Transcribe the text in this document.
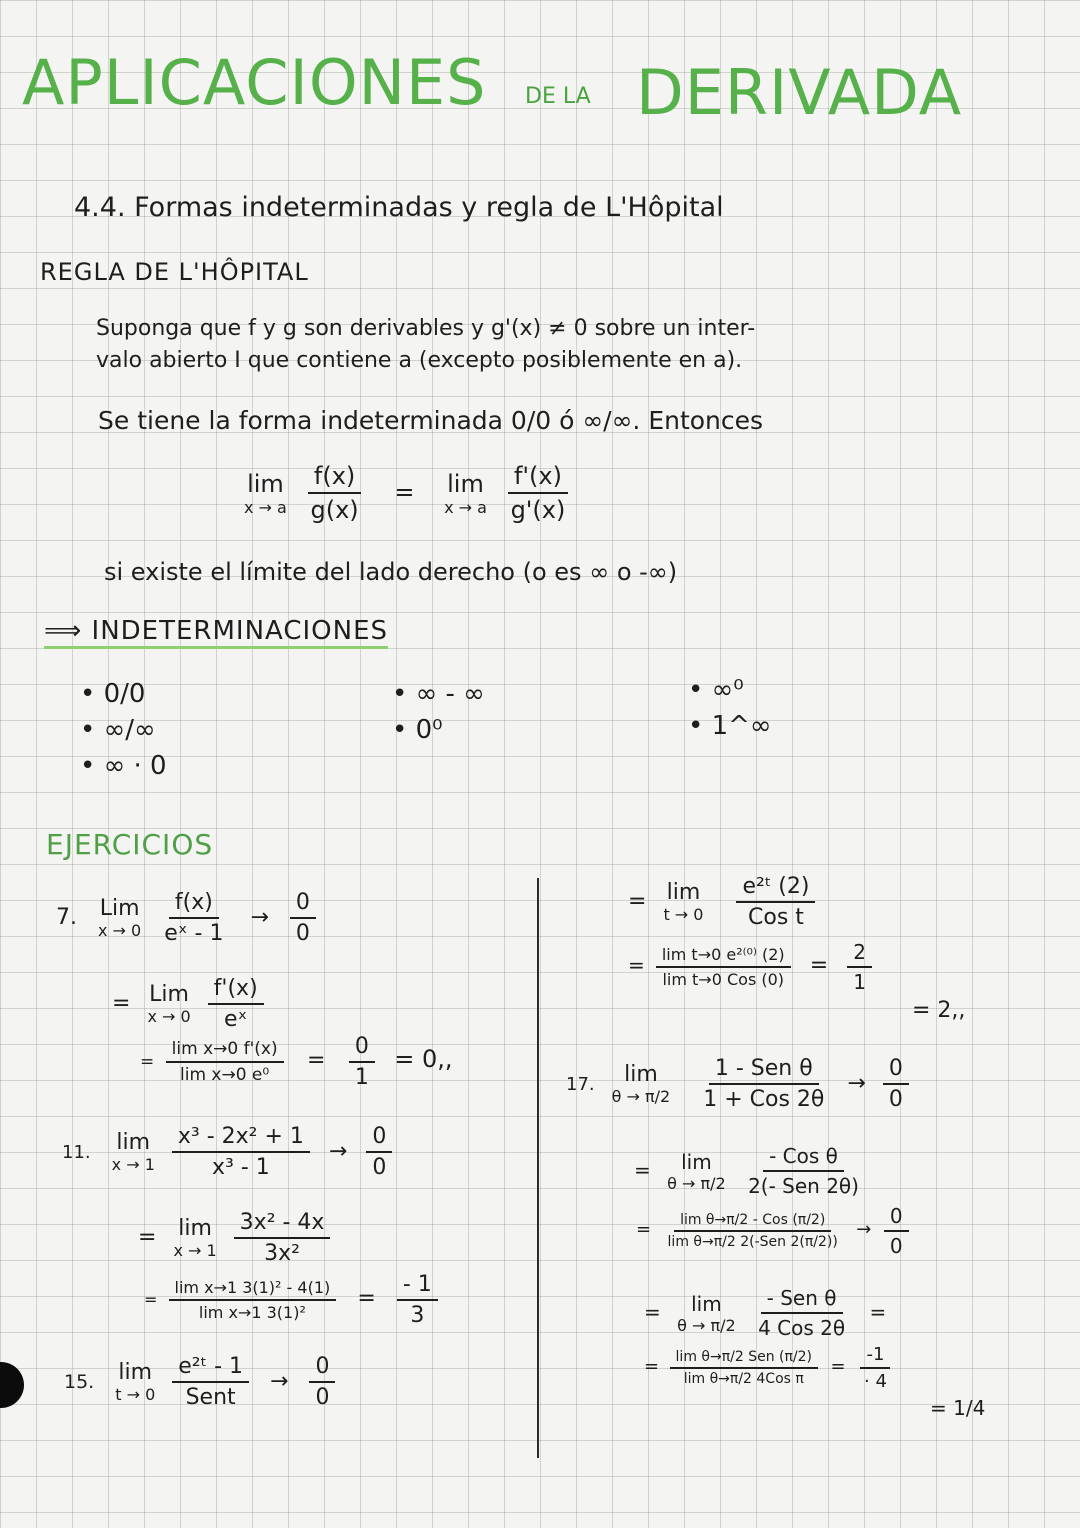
APLICACIONES DE LA DERIVADA
4.4. Formas indeterminadas y regla de L'Hôpital
REGLA DE L'HÔPITAL
Suponga que f y g son derivables y g'(x) ≠ 0 sobre un inter-
valo abierto I que contiene a (excepto posiblemente en a).
Se tiene la forma indeterminada 0/0 ó ∞/∞. Entonces
lim
x → a
$\frac{f(x)}{g(x)} = \lim$
x → a
$\frac{f'(x)}{g'(x)}$
si existe el límite del lado derecho (o es ∞ o -∞)
⟹ INDETERMINACIONES
• 0/0
• ∞/∞
• ∞ · 0
• ∞ - ∞
• 0⁰
• ∞⁰
• 1^∞
EJERCICIOS
7. Lim
x → 0
$\frac{f(x)}{\text{eˣ - 1}} \to \frac{0}{0}$
= Lim
x → 0
$\frac{f'(x)}{\text{eˣ}}$
= $\frac{\text{lim x→0 f'(x)}}{\text{lim x→0 e⁰}} = \frac{0}{1} = 0$,,
11. lim
x → 1
$\frac{\text{x³ - 2x² + 1}}{\text{x³ - 1}} \to \frac{0}{0}$
= lim
x → 1
$\frac{\text{3x² - 4x}}{\text{3x²}}$
= $\frac{\text{lim x→1 3(1)² - 4(1)}}{\text{lim x→1 3(1)²}} = \frac{- 1}{3}$
15. lim
t → 0
$\frac{\text{e²ᵗ - 1}}{\text{Sent}} \to \frac{0}{0}$
= lim
t → 0
$\frac{\text{e²ᵗ (2)}}{\text{Cos t}}$
= $\frac{\text{lim t→0 e²⁽⁰⁾ (2)}}{\text{lim t→0 Cos (0)}} = \frac{2}{1}$
= 2,,
17. lim
θ → π/2
$\frac{\text{1 - Sen θ}}{\text{1 + Cos 2θ}} \to \frac{0}{0}$
= lim
θ → π/2
$\frac{\text{- Cos θ}}{\text{2(- Sen 2θ)}}$
= $\frac{\text{lim θ→π/2 - Cos (π/2)}}{\text{lim θ→π/2 2(-Sen 2(π/2))}} \to \frac{0}{0}$
= lim
θ → π/2
$\frac{\text{- Sen θ}}{\text{4 Cos 2θ}}$ =
= $\frac{\text{lim θ→π/2 Sen (π/2)}}{\text{lim θ→π/2 4Cos π}} = \frac{-1}{\cdot 4}$
= 1/4
